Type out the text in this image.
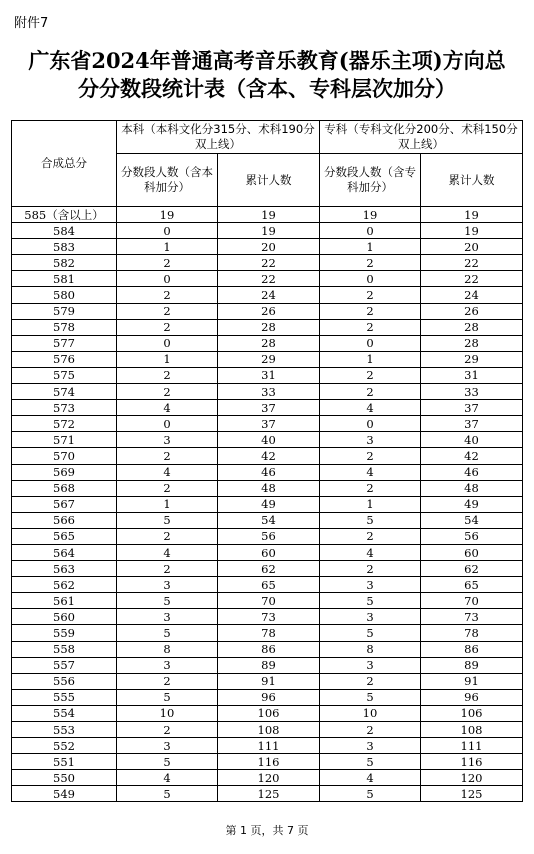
附件7
广东省2024年普通高考音乐教育(器乐主项)方向总
分分数段统计表（含本、专科层次加分）
合成总分	本科（本科文化分315分、术科190分双上线）		专科（专科文化分200分、术科150分双上线）	
	分数段人数（含本科加分）	累计人数	分数段人数（含专科加分）	累计人数
585（含以上）	19	19	19	19
584	0	19	0	19
583	1	20	1	20
582	2	22	2	22
581	0	22	0	22
580	2	24	2	24
579	2	26	2	26
578	2	28	2	28
577	0	28	0	28
576	1	29	1	29
575	2	31	2	31
574	2	33	2	33
573	4	37	4	37
572	0	37	0	37
571	3	40	3	40
570	2	42	2	42
569	4	46	4	46
568	2	48	2	48
567	1	49	1	49
566	5	54	5	54
565	2	56	2	56
564	4	60	4	60
563	2	62	2	62
562	3	65	3	65
561	5	70	5	70
560	3	73	3	73
559	5	78	5	78
558	8	86	8	86
557	3	89	3	89
556	2	91	2	91
555	5	96	5	96
554	10	106	10	106
553	2	108	2	108
552	3	111	3	111
551	5	116	5	116
550	4	120	4	120
549	5	125	5	125
第 1 页，共 7 页
